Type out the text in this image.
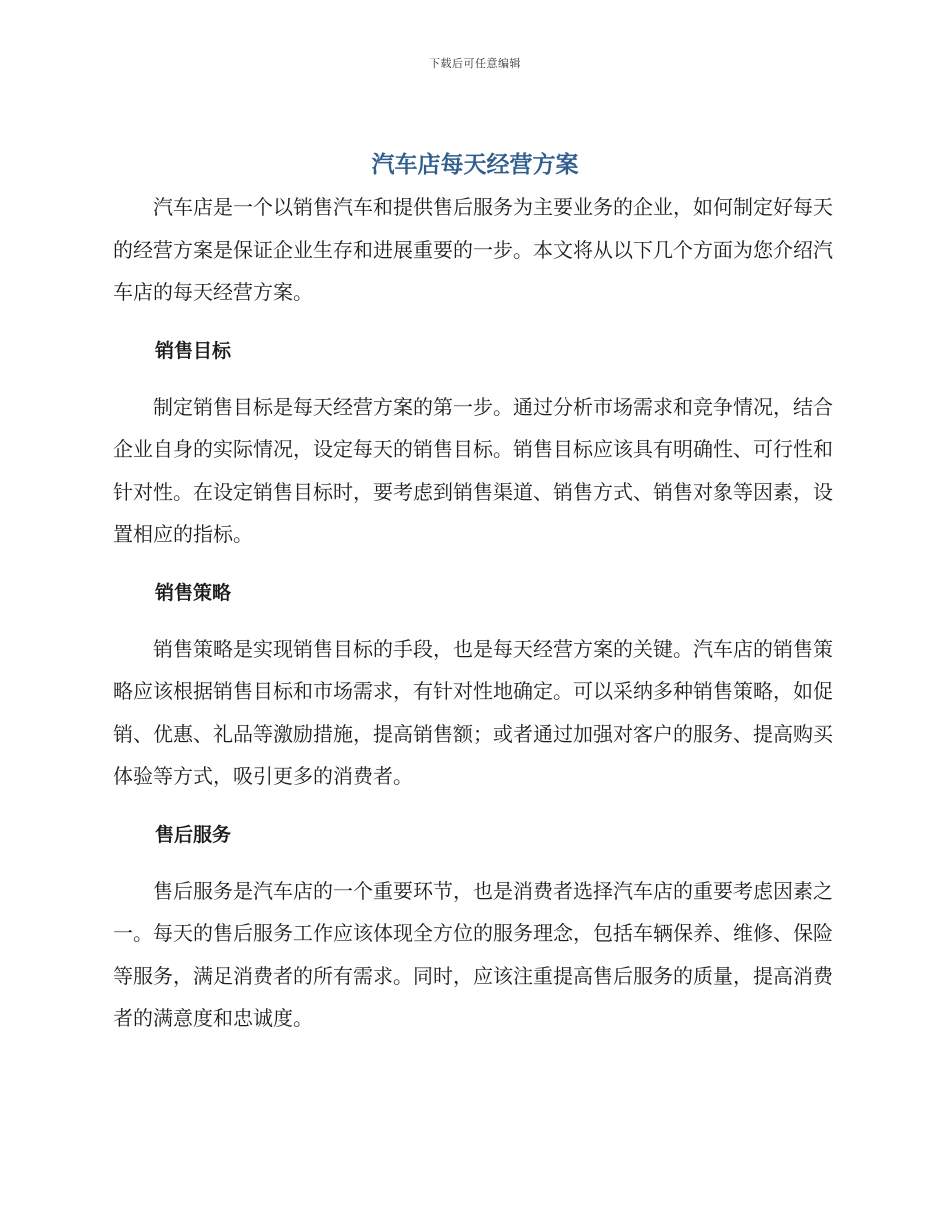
下载后可任意编辑
汽车店每天经营方案

汽车店是一个以销售汽车和提供售后服务为主要业务的企业，如何制定好每天的经营方案是保证企业生存和进展重要的一步。本文将从以下几个方面为您介绍汽车店的每天经营方案。

销售目标

制定销售目标是每天经营方案的第一步。通过分析市场需求和竞争情况，结合企业自身的实际情况，设定每天的销售目标。销售目标应该具有明确性、可行性和针对性。在设定销售目标时，要考虑到销售渠道、销售方式、销售对象等因素，设置相应的指标。

销售策略

销售策略是实现销售目标的手段，也是每天经营方案的关键。汽车店的销售策略应该根据销售目标和市场需求，有针对性地确定。可以采纳多种销售策略，如促销、优惠、礼品等激励措施，提高销售额；或者通过加强对客户的服务、提高购买体验等方式，吸引更多的消费者。

售后服务

售后服务是汽车店的一个重要环节，也是消费者选择汽车店的重要考虑因素之一。每天的售后服务工作应该体现全方位的服务理念，包括车辆保养、维修、保险等服务，满足消费者的所有需求。同时，应该注重提高售后服务的质量，提高消费者的满意度和忠诚度。
